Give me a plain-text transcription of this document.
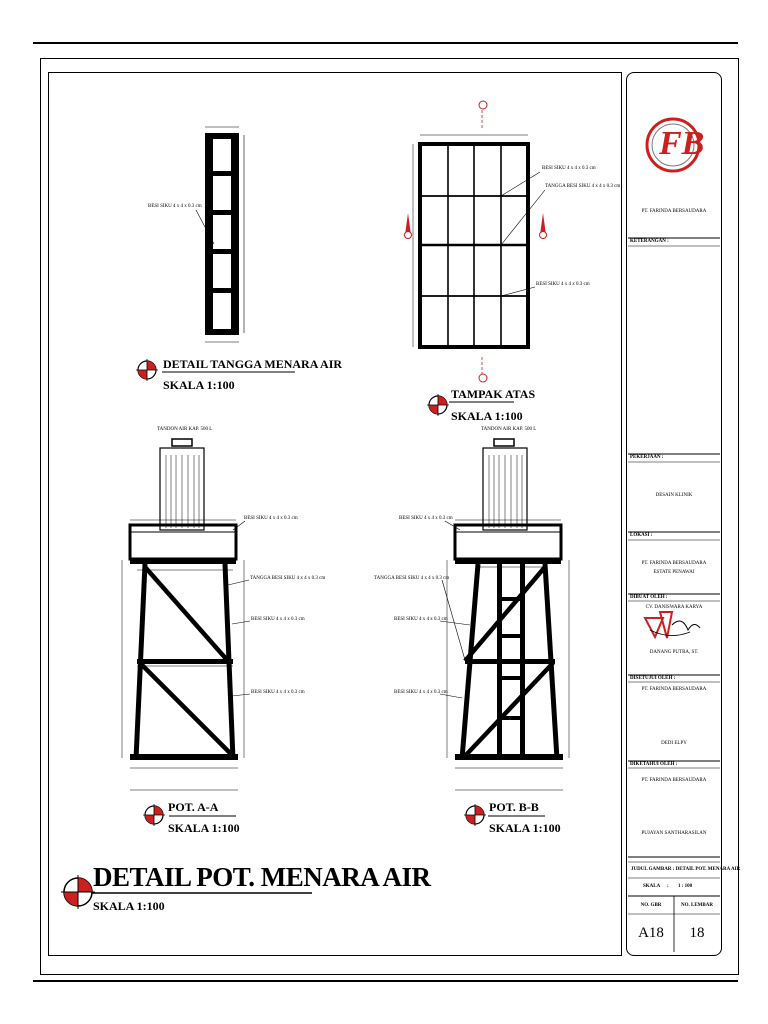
FB
BESI SIKU 4 x 4 x 0.3 cm
DETAIL TANGGA MENARA AIR
SKALA 1:100
BESI SIKU 4 x 4 x 0.3 cm
TANGGA BESI SIKU 4 x 4 x 0.3 cm
BESI SIKU 4 x 4 x 0.3 cm
TAMPAK ATAS
SKALA 1:100
TANDON AIR KAP. 500 L
BESI SIKU 4 x 4 x 0.3 cm
TANGGA BESI SIKU 4 x 4 x 0.3 cm
BESI SIKU 4 x 4 x 0.3 cm
BESI SIKU 4 x 4 x 0.3 cm
POT. A-A
SKALA 1:100
TANDON AIR KAP. 500 L
BESI SIKU 4 x 4 x 0.3 cm
TANGGA BESI SIKU 4 x 4 x 0.3 cm
BESI SIKU 4 x 4 x 0.3 cm
BESI SIKU 4 x 4 x 0.3 cm
POT. B-B
SKALA 1:100
DETAIL POT. MENARA AIR
SKALA 1:100
PT. FARINDA BERSAUDARA
KETERANGAN :
PEKERJAAN :
DESAIN KLINIK
LOKASI :
PT. FARINDA BERSAUDARA
ESTATE PENAWAI
DIBUAT OLEH :
CV. DANISWARA KARYA
DANANG PUTRA, ST.
DISETUJUI OLEH :
PT. FARINDA BERSAUDARA
DEDI ELPY
DIKETAHUI OLEH :
PT. FARINDA BERSAUDARA
PUJAYAN SANTHARASILAN
JUDUL GAMBAR : DETAIL POT. MENARA AIR
SKALA : 1 : 100
NO. GBR	NO. LEMBAR
A18	18
